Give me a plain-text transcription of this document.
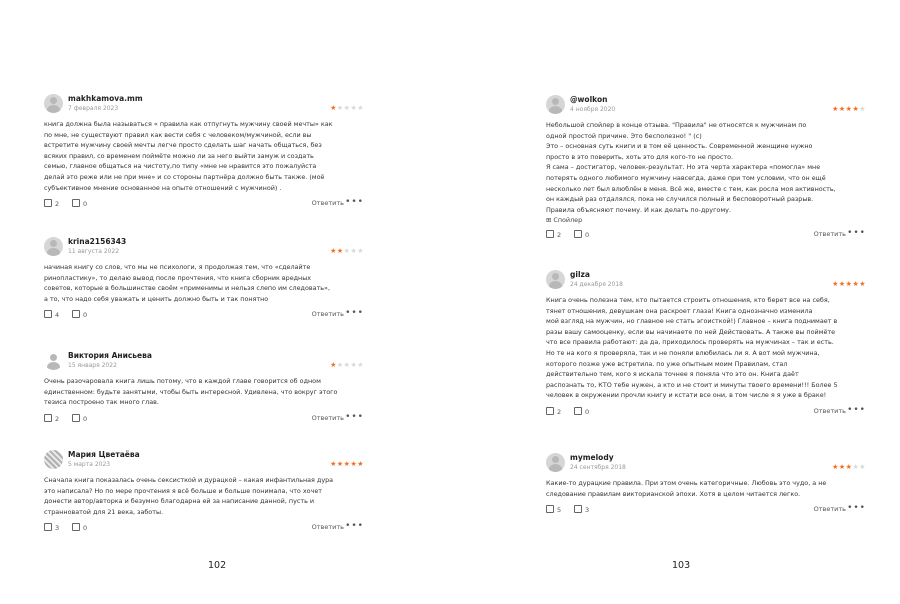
makhkamova.mm
7 февраля 2023	★★★★★
книга должна была называться « правила как отпугнуть мужчину своей мечты» как
по мне, не существуют правил как вести себя с человеком/мужчиной, если вы
встретите мужчину своей мечты легче просто сделать шаг начать общаться, без
всяких правил, со временем поймёте можно ли за него выйти замуж и создать
семью, главное общаться на чистоту,по типу «мне не нравится это пожалуйста
делай это реже или не при мне» и со стороны партнёра должно быть также. (моё
субъективное мнение основанное на опыте отношений с мужчиной) .
2	0	Ответить •••
krina2156343
11 августа 2022	★★★★★
начиная книгу со слов, что мы не психологи, я продолжая тем, что «сделайте
ринопластику», то делаю вывод после прочтения, что книга сборник вредных
советов, которые в большинстве своём «применимы и нельзя слепо им следовать»,
а то, что надо себя уважать и ценить должно быть и так понятно
4	0	Ответить •••
Виктория Анисьева
15 января 2022	★★★★★
Очень разочаровала книга лишь потому, что в каждой главе говорится об одном
единственном: будьте занятыми, чтобы быть интересной. Удивлена, что вокруг этого
тезиса построено так много глав.
2	0	Ответить •••
Мария Цветаёва
5 марта 2023	★★★★★
Сначала книга показалась очень сексисткой и дурацкой – какая инфантильная дура
это написала? Но по мере прочтения я всё больше и больше понимала, что хочет
донести автор/авторка и безумно благодарна ей за написание данной, пусть и
странноватой для 21 века, заботы.
3	0	Ответить •••
102
@wolkon
4 ноября 2020	★★★★★
Небольшой спойлер в конце отзыва. "Правила" не относятся к мужчинам по
одной простой причине. Это бесполезно! " (с)
Это – основная суть книги и в том её ценность. Современной женщине нужно
просто в это поверить, хоть это для кого-то не просто.
Я сама – достигатор, человек-результат. Но эта черта характера «помогла» мне
потерять одного любимого мужчину навсегда, даже при том условии, что он ещё
несколько лет был влюблён в меня. Всё же, вместе с тем, как росла моя активность,
он каждый раз отдалялся, пока не случился полный и бесповоротный разрыв.
Правила объясняют почему. И как делать по-другому.
⊞ Спойлер
2	0	Ответить •••
gilza
24 декабря 2018	★★★★★
Книга очень полезна тем, кто пытается строить отношения, кто берет все на себя,
тянет отношения, девушкам она раскроет глаза! Книга однозначно изменила
мой взгляд на мужчин, но главное не стать эгоисткой!) Главное – книга поднимает в
разы вашу самооценку, если вы начинаете по ней Действовать. А также вы поймёте
что все правила работают: да да, приходилось проверять на мужчинах – так и есть.
Но те на кого я проверяла, так и не поняли влюбилась ли я. А вот мой мужчина,
которого позже уже встретила. по уже опытным моим Правилам, стал
действительно тем, кого я искала точнее я поняла что это он. Книга даёт
распознать то, КТО тебе нужен, а кто и не стоит и минуты твоего времени!!! Более 5
человек в окружении прочли книгу и кстати все они, в том числе я я уже в браке!
2	0	Ответить •••
mymelody
24 сентября 2018	★★★★★
Какие-то дурацкие правила. При этом очень категоричные. Любовь это чудо, а не
следование правилам викторианской эпохи. Хотя в целом читается легко.
5	3	Ответить •••
103
